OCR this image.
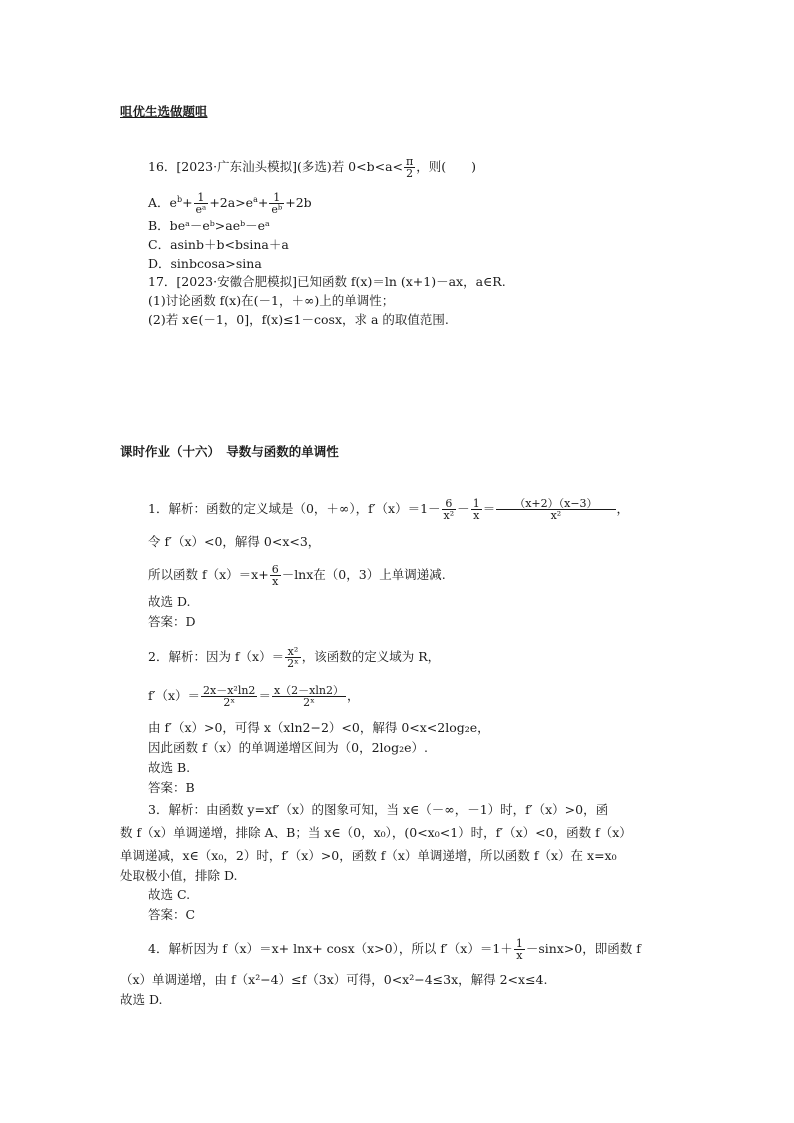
咀优生选做题咀
16．[2023·广东汕头模拟](多选)若 $0<b<a< \frac{\pi}{2}$ ，则(　　)
A．$e^b+ \frac{1}{\text{eᵃ}} +2a>e^a+ \frac{1}{\text{eᵇ}} +2b$
B．beᵃ－eᵇ>aeᵇ－eᵃ
C．asinb＋b<bsina＋a
D．sinbcosa>sina
17．[2023·安徽合肥模拟]已知函数 f(x)＝ln (x+1)－ax，a∈R.
(1)讨论函数 f(x)在(－1，＋∞)上的单调性；
(2)若 x∈(－1，0]，f(x)≤1－cosx，求 a 的取值范围.
课时作业（十六）　导数与函数的单调性
1．解析：函数的定义域是（0，＋∞），$f'(x)=1- \frac{6}{\text{x²}} - \frac{1}{x} = \frac{(x+2)(x-3)}{\text{x²}}$ ，
令 f′（x）<0，解得 0<x<3，
所以函数 $f(x)=x+ \frac{6}{x} -\ln x$在（0，3）上单调递减.
故选 D.
答案：D
2．解析：因为 $f(x)= \frac{\text{x²}}{\text{2ˣ}}$ ，该函数的定义域为 R，
$f'(x)= \frac{\text{2x－x²ln2}}{\text{2ˣ}} = \frac{x(2-xln2)}{\text{2ˣ}}$ ，
由 f′（x）>0，可得 x（xln2−2）<0，解得 0<x<2log₂e，
因此函数 f（x）的单调递增区间为（0，2log₂e）.
故选 B.
答案：B
3．解析：由函数 y=xf′（x）的图象可知，当 x∈（－∞，－1）时，f′（x）>0，函
数 f（x）单调递增，排除 A、B；当 x∈（0，x₀），(0<x₀<1）时，f′（x）<0，函数 f（x）
单调递减，x∈（x₀，2）时，f′（x）>0，函数 f（x）单调递增，所以函数 f（x）在 x=x₀
处取极小值，排除 D.
故选 C.
答案：C
4．解析因为 f（x）＝x+ lnx+ cosx（x>0），所以 $f'(x)=1+ \frac{1}{x} -\sin x>0$，即函数 f
（x）单调递增，由 f（x²−4）≤f（3x）可得，0<x²−4≤3x，解得 2<x≤4.
故选 D.
